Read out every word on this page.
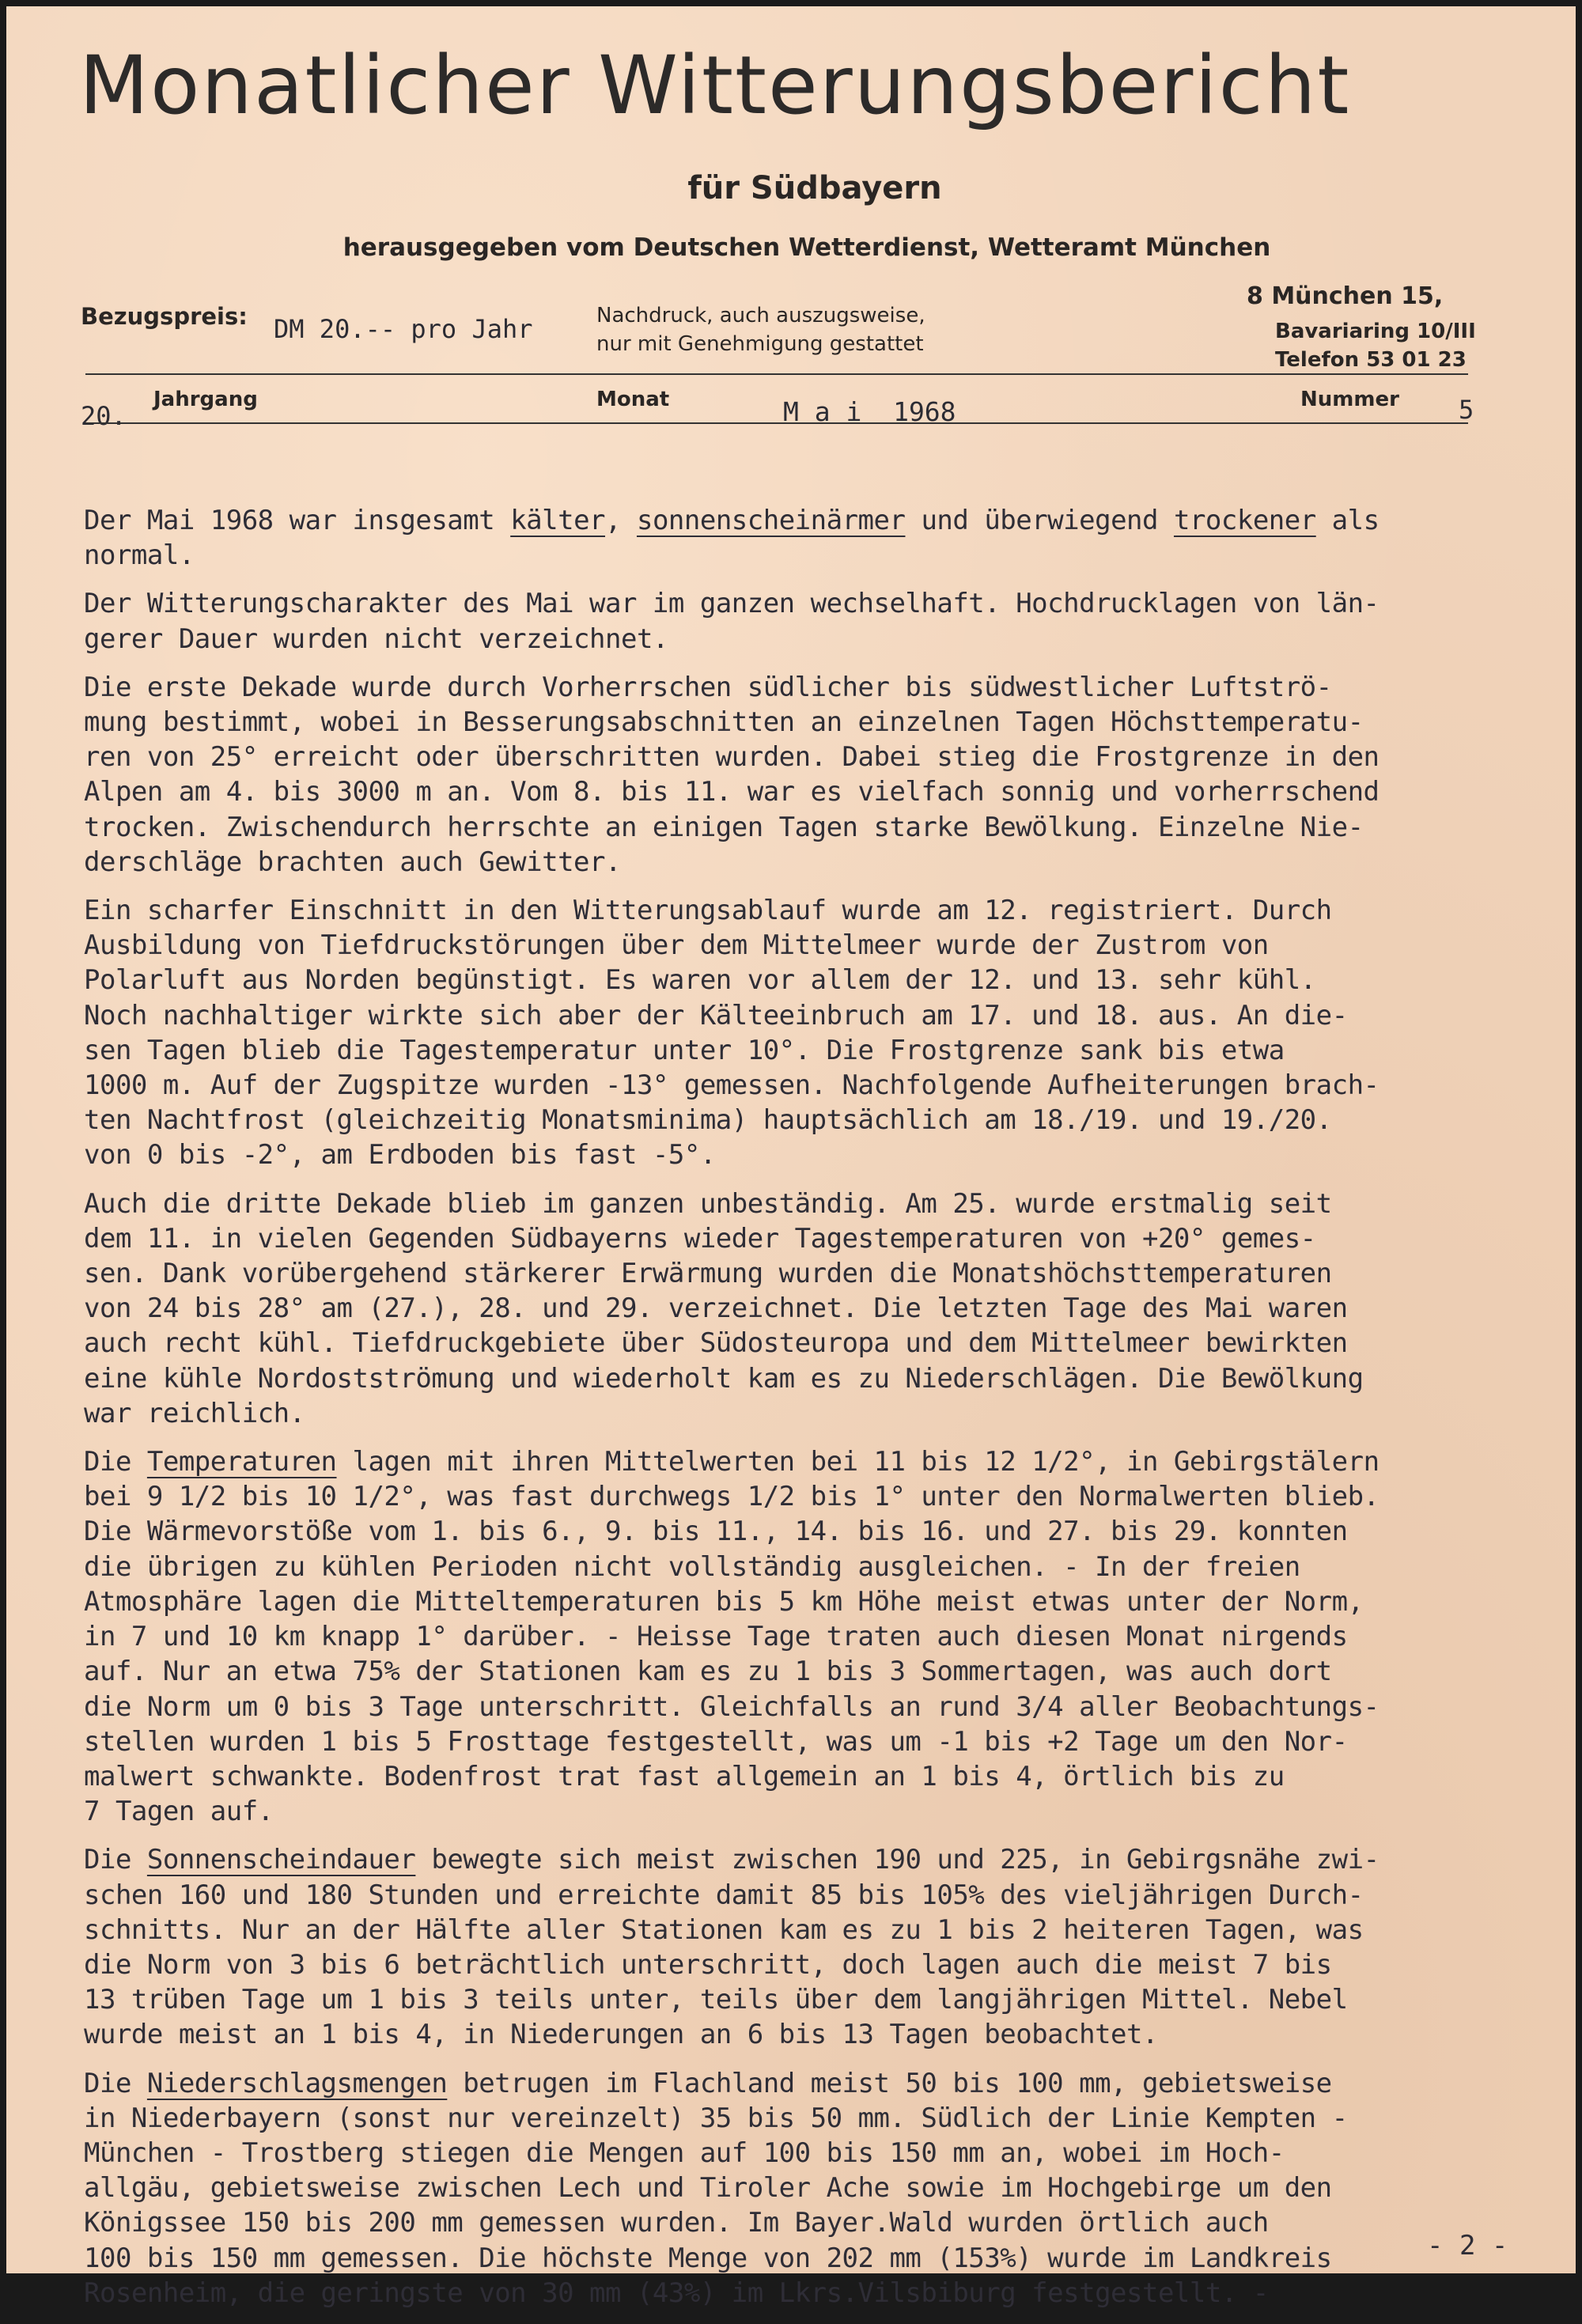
Monatlicher Witterungsbericht
für Südbayern
herausgegeben vom Deutschen Wetterdienst, Wetteramt München
Bezugspreis: DM 20.-- pro Jahr	Nachdruck, auch auszugsweise,
nur mit Genehmigung gestattet
8 München 15,
Bavariaring 10/III
Telefon 53 01 23
Jahrgang
20.
Monat	M a i  1968	Nummer 5

Der Mai 1968 war insgesamt kälter, sonnenscheinärmer und überwiegend trockener als
normal.

Der Witterungscharakter des Mai war im ganzen wechselhaft. Hochdrucklagen von län-
gerer Dauer wurden nicht verzeichnet.

Die erste Dekade wurde durch Vorherrschen südlicher bis südwestlicher Luftströ-
mung bestimmt, wobei in Besserungsabschnitten an einzelnen Tagen Höchsttemperatu-
ren von 25° erreicht oder überschritten wurden. Dabei stieg die Frostgrenze in den
Alpen am 4. bis 3000 m an. Vom 8. bis 11. war es vielfach sonnig und vorherrschend
trocken. Zwischendurch herrschte an einigen Tagen starke Bewölkung. Einzelne Nie-
derschläge brachten auch Gewitter.

Ein scharfer Einschnitt in den Witterungsablauf wurde am 12. registriert. Durch
Ausbildung von Tiefdruckstörungen über dem Mittelmeer wurde der Zustrom von
Polarluft aus Norden begünstigt. Es waren vor allem der 12. und 13. sehr kühl.
Noch nachhaltiger wirkte sich aber der Kälteeinbruch am 17. und 18. aus. An die-
sen Tagen blieb die Tagestemperatur unter 10°. Die Frostgrenze sank bis etwa
1000 m. Auf der Zugspitze wurden -13° gemessen. Nachfolgende Aufheiterungen brach-
ten Nachtfrost (gleichzeitig Monatsminima) hauptsächlich am 18./19. und 19./20.
von 0 bis -2°, am Erdboden bis fast -5°.

Auch die dritte Dekade blieb im ganzen unbeständig. Am 25. wurde erstmalig seit
dem 11. in vielen Gegenden Südbayerns wieder Tagestemperaturen von +20° gemes-
sen. Dank vorübergehend stärkerer Erwärmung wurden die Monatshöchsttemperaturen
von 24 bis 28° am (27.), 28. und 29. verzeichnet. Die letzten Tage des Mai waren
auch recht kühl. Tiefdruckgebiete über Südosteuropa und dem Mittelmeer bewirkten
eine kühle Nordostströmung und wiederholt kam es zu Niederschlägen. Die Bewölkung
war reichlich.

Die Temperaturen lagen mit ihren Mittelwerten bei 11 bis 12 1/2°, in Gebirgstälern
bei 9 1/2 bis 10 1/2°, was fast durchwegs 1/2 bis 1° unter den Normalwerten blieb.
Die Wärmevorstöße vom 1. bis 6., 9. bis 11., 14. bis 16. und 27. bis 29. konnten
die übrigen zu kühlen Perioden nicht vollständig ausgleichen. - In der freien
Atmosphäre lagen die Mitteltemperaturen bis 5 km Höhe meist etwas unter der Norm,
in 7 und 10 km knapp 1° darüber. - Heisse Tage traten auch diesen Monat nirgends
auf. Nur an etwa 75% der Stationen kam es zu 1 bis 3 Sommertagen, was auch dort
die Norm um 0 bis 3 Tage unterschritt. Gleichfalls an rund 3/4 aller Beobachtungs-
stellen wurden 1 bis 5 Frosttage festgestellt, was um -1 bis +2 Tage um den Nor-
malwert schwankte. Bodenfrost trat fast allgemein an 1 bis 4, örtlich bis zu
7 Tagen auf.

Die Sonnenscheindauer bewegte sich meist zwischen 190 und 225, in Gebirgsnähe zwi-
schen 160 und 180 Stunden und erreichte damit 85 bis 105% des vieljährigen Durch-
schnitts. Nur an der Hälfte aller Stationen kam es zu 1 bis 2 heiteren Tagen, was
die Norm von 3 bis 6 beträchtlich unterschritt, doch lagen auch die meist 7 bis
13 trüben Tage um 1 bis 3 teils unter, teils über dem langjährigen Mittel. Nebel
wurde meist an 1 bis 4, in Niederungen an 6 bis 13 Tagen beobachtet.

Die Niederschlagsmengen betrugen im Flachland meist 50 bis 100 mm, gebietsweise
in Niederbayern (sonst nur vereinzelt) 35 bis 50 mm. Südlich der Linie Kempten -
München - Trostberg stiegen die Mengen auf 100 bis 150 mm an, wobei im Hoch-
allgäu, gebietsweise zwischen Lech und Tiroler Ache sowie im Hochgebirge um den
Königssee 150 bis 200 mm gemessen wurden. Im Bayer.Wald wurden örtlich auch
100 bis 150 mm gemessen. Die höchste Menge von 202 mm (153%) wurde im Landkreis
Rosenheim, die geringste von 30 mm (43%) im Lkrs.Vilsbiburg festgestellt. -

- 2 -
